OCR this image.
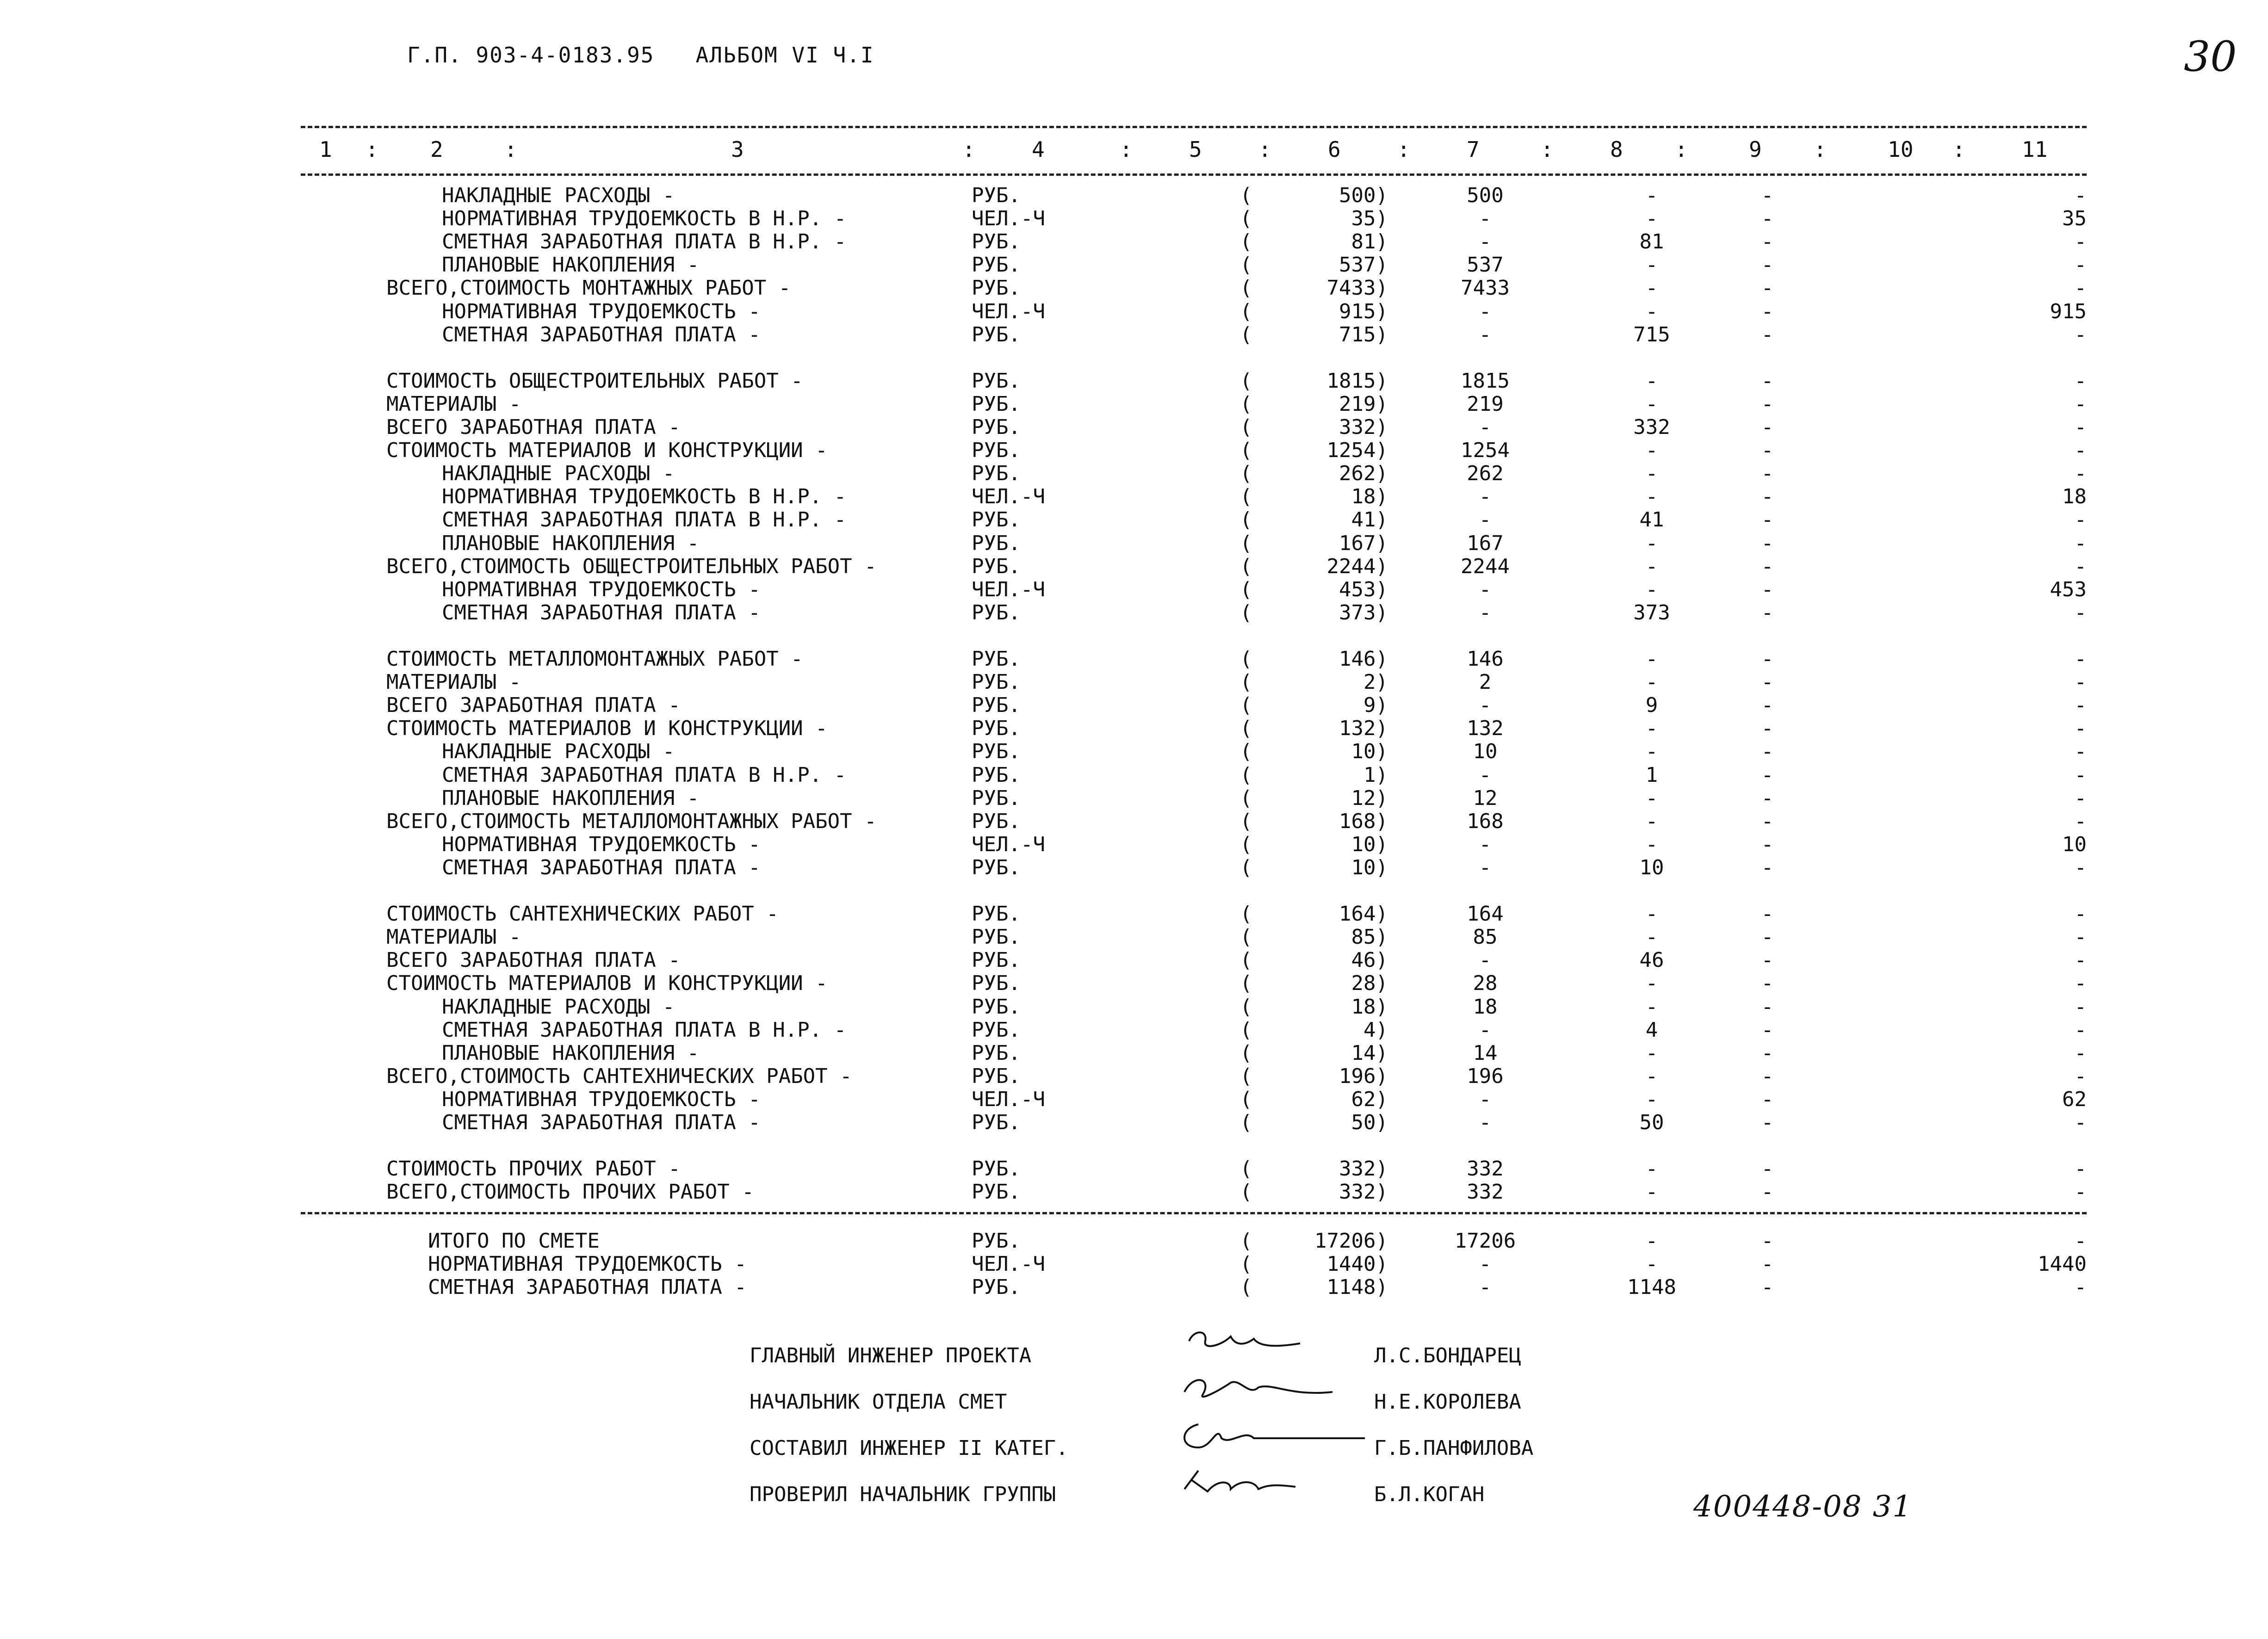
Г.П. 903-4-0183.95   АЛЬБОМ VI Ч.I	30
1	2	3	4	5	6	7	8	9	10	11
:	:	:	:	:	:	:	:	:	:
НАКЛАДНЫЕ РАСХОДЫ -	РУБ.	(	500)	500	-	-	-
НОРМАТИВНАЯ ТРУДОЕМКОСТЬ В Н.Р. -	ЧЕЛ.-Ч	(	35)	-	-	-	35
СМЕТНАЯ ЗАРАБОТНАЯ ПЛАТА В Н.Р. -	РУБ.	(	81)	-	81	-	-
ПЛАНОВЫЕ НАКОПЛЕНИЯ -	РУБ.	(	537)	537	-	-	-
ВСЕГО,СТОИМОСТЬ МОНТАЖНЫХ РАБОТ -	РУБ.	(	7433)	7433	-	-	-
НОРМАТИВНАЯ ТРУДОЕМКОСТЬ -	ЧЕЛ.-Ч	(	915)	-	-	-	915
СМЕТНАЯ ЗАРАБОТНАЯ ПЛАТА -	РУБ.	(	715)	-	715	-	-
СТОИМОСТЬ ОБЩЕСТРОИТЕЛЬНЫХ РАБОТ -	РУБ.	(	1815)	1815	-	-	-
МАТЕРИАЛЫ -	РУБ.	(	219)	219	-	-	-
ВСЕГО ЗАРАБОТНАЯ ПЛАТА -	РУБ.	(	332)	-	332	-	-
СТОИМОСТЬ МАТЕРИАЛОВ И КОНСТРУКЦИИ -	РУБ.	(	1254)	1254	-	-	-
НАКЛАДНЫЕ РАСХОДЫ -	РУБ.	(	262)	262	-	-	-
НОРМАТИВНАЯ ТРУДОЕМКОСТЬ В Н.Р. -	ЧЕЛ.-Ч	(	18)	-	-	-	18
СМЕТНАЯ ЗАРАБОТНАЯ ПЛАТА В Н.Р. -	РУБ.	(	41)	-	41	-	-
ПЛАНОВЫЕ НАКОПЛЕНИЯ -	РУБ.	(	167)	167	-	-	-
ВСЕГО,СТОИМОСТЬ ОБЩЕСТРОИТЕЛЬНЫХ РАБОТ -	РУБ.	(	2244)	2244	-	-	-
НОРМАТИВНАЯ ТРУДОЕМКОСТЬ -	ЧЕЛ.-Ч	(	453)	-	-	-	453
СМЕТНАЯ ЗАРАБОТНАЯ ПЛАТА -	РУБ.	(	373)	-	373	-	-
СТОИМОСТЬ МЕТАЛЛОМОНТАЖНЫХ РАБОТ -	РУБ.	(	146)	146	-	-	-
МАТЕРИАЛЫ -	РУБ.	(	2)	2	-	-	-
ВСЕГО ЗАРАБОТНАЯ ПЛАТА -	РУБ.	(	9)	-	9	-	-
СТОИМОСТЬ МАТЕРИАЛОВ И КОНСТРУКЦИИ -	РУБ.	(	132)	132	-	-	-
НАКЛАДНЫЕ РАСХОДЫ -	РУБ.	(	10)	10	-	-	-
СМЕТНАЯ ЗАРАБОТНАЯ ПЛАТА В Н.Р. -	РУБ.	(	1)	-	1	-	-
ПЛАНОВЫЕ НАКОПЛЕНИЯ -	РУБ.	(	12)	12	-	-	-
ВСЕГО,СТОИМОСТЬ МЕТАЛЛОМОНТАЖНЫХ РАБОТ -	РУБ.	(	168)	168	-	-	-
НОРМАТИВНАЯ ТРУДОЕМКОСТЬ -	ЧЕЛ.-Ч	(	10)	-	-	-	10
СМЕТНАЯ ЗАРАБОТНАЯ ПЛАТА -	РУБ.	(	10)	-	10	-	-
СТОИМОСТЬ САНТЕХНИЧЕСКИХ РАБОТ -	РУБ.	(	164)	164	-	-	-
МАТЕРИАЛЫ -	РУБ.	(	85)	85	-	-	-
ВСЕГО ЗАРАБОТНАЯ ПЛАТА -	РУБ.	(	46)	-	46	-	-
СТОИМОСТЬ МАТЕРИАЛОВ И КОНСТРУКЦИИ -	РУБ.	(	28)	28	-	-	-
НАКЛАДНЫЕ РАСХОДЫ -	РУБ.	(	18)	18	-	-	-
СМЕТНАЯ ЗАРАБОТНАЯ ПЛАТА В Н.Р. -	РУБ.	(	4)	-	4	-	-
ПЛАНОВЫЕ НАКОПЛЕНИЯ -	РУБ.	(	14)	14	-	-	-
ВСЕГО,СТОИМОСТЬ САНТЕХНИЧЕСКИХ РАБОТ -	РУБ.	(	196)	196	-	-	-
НОРМАТИВНАЯ ТРУДОЕМКОСТЬ -	ЧЕЛ.-Ч	(	62)	-	-	-	62
СМЕТНАЯ ЗАРАБОТНАЯ ПЛАТА -	РУБ.	(	50)	-	50	-	-
СТОИМОСТЬ ПРОЧИХ РАБОТ -	РУБ.	(	332)	332	-	-	-
ВСЕГО,СТОИМОСТЬ ПРОЧИХ РАБОТ -	РУБ.	(	332)	332	-	-	-
ИТОГО ПО СМЕТЕ	РУБ.	(	17206)	17206	-	-	-
НОРМАТИВНАЯ ТРУДОЕМКОСТЬ -	ЧЕЛ.-Ч	(	1440)	-	-	-	1440
СМЕТНАЯ ЗАРАБОТНАЯ ПЛАТА -	РУБ.	(	1148)	-	1148	-	-
ГЛАВНЫЙ ИНЖЕНЕР ПРОЕКТА	Л.С.БОНДАРЕЦ
НАЧАЛЬНИК ОТДЕЛА СМЕТ	Н.Е.КОРОЛЕВА
СОСТАВИЛ ИНЖЕНЕР II КАТЕГ.	Г.Б.ПАНФИЛОВА
ПРОВЕРИЛ НАЧАЛЬНИК ГРУППЫ	Б.Л.КОГАН	400448-08 31
